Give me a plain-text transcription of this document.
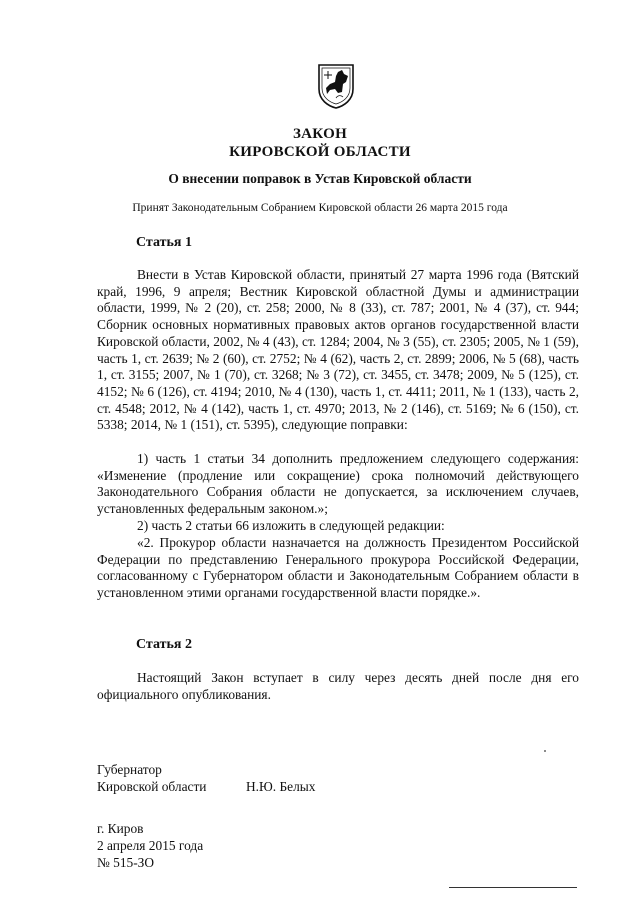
ЗАКОН
КИРОВСКОЙ ОБЛАСТИ
О внесении поправок в Устав Кировской области
Принят Законодательным Собранием Кировской области 26 марта 2015 года
Статья 1

Внести в Устав Кировской области, принятый 27 марта 1996 года (Вятский край, 1996, 9 апреля; Вестник Кировской областной Думы и администрации области, 1999, № 2 (20), ст. 258; 2000, № 8 (33), ст. 787; 2001, № 4 (37), ст. 944; Сборник основных нормативных правовых актов органов государственной власти Кировской области, 2002, № 4 (43), ст. 1284; 2004, № 3 (55), ст. 2305; 2005, № 1 (59), часть 1, ст. 2639; № 2 (60), ст. 2752; № 4 (62), часть 2, ст. 2899; 2006, № 5 (68), часть 1, ст. 3155; 2007, № 1 (70), ст. 3268; № 3 (72), ст. 3455, ст. 3478; 2009, № 5 (125), ст. 4152; № 6 (126), ст. 4194; 2010, № 4 (130), часть 1, ст. 4411; 2011, № 1 (133), часть 2, ст. 4548; 2012, № 4 (142), часть 1, ст. 4970; 2013, № 2 (146), ст. 5169; № 6 (150), ст. 5338; 2014, № 1 (151), ст. 5395), следующие поправки:

1) часть 1 статьи 34 дополнить предложением следующего содержания: «Изменение (продление или сокращение) срока полномочий действующего Законодательного Собрания области не допускается, за исключением случаев, установленных федеральным законом.»;

2) часть 2 статьи 66 изложить в следующей редакции:

«2. Прокурор области назначается на должность Президентом Российской Федерации по представлению Генерального прокурора Российской Федерации, согласованному с Губернатором области и Законодательным Собранием области в установленном этими органами государственной власти порядке.».

Статья 2

Настоящий Закон вступает в силу через десять дней после дня его официального опубликования.

Губернатор
Кировской области	Н.Ю. Белых
г. Киров
2 апреля 2015 года
№ 515-ЗО
